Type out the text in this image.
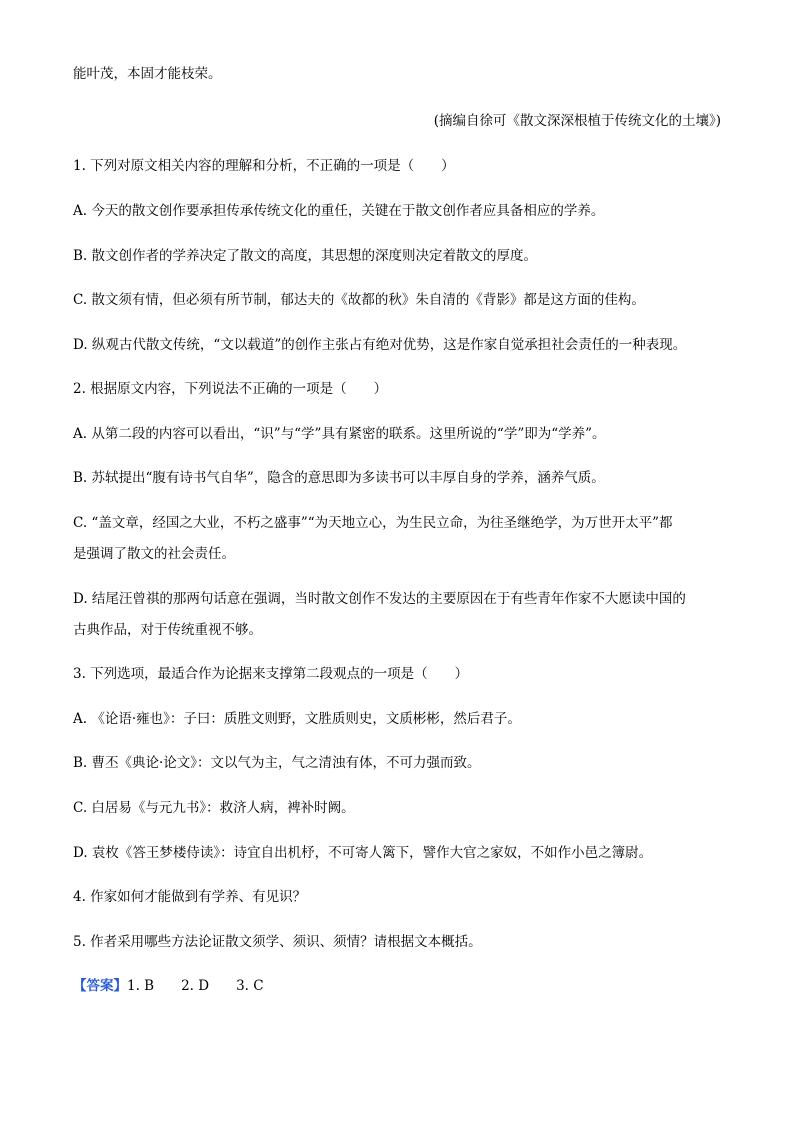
能叶茂，本固才能枝荣。
(摘编自徐可《散文深深根植于传统文化的土壤》)
1. 下列对原文相关内容的理解和分析，不正确的一项是（　　）
A. 今天的散文创作要承担传承传统文化的重任，关键在于散文创作者应具备相应的学养。
B. 散文创作者的学养决定了散文的高度，其思想的深度则决定着散文的厚度。
C. 散文须有情，但必须有所节制，郁达夫的《故都的秋》朱自清的《背影》都是这方面的佳构。
D. 纵观古代散文传统，“文以载道”的创作主张占有绝对优势，这是作家自觉承担社会责任的一种表现。
2. 根据原文内容，下列说法不正确的一项是（　　）
A. 从第二段的内容可以看出，“识”与“学”具有紧密的联系。这里所说的“学”即为“学养”。
B. 苏轼提出“腹有诗书气自华”，隐含的意思即为多读书可以丰厚自身的学养，涵养气质。
C. “盖文章，经国之大业，不朽之盛事”“为天地立心，为生民立命，为往圣继绝学，为万世开太平”都
是强调了散文的社会责任。
D. 结尾汪曾祺的那两句话意在强调，当时散文创作不发达的主要原因在于有些青年作家不大愿读中国的
古典作品，对于传统重视不够。
3. 下列选项，最适合作为论据来支撑第二段观点的一项是（　　）
A. 《论语·雍也》：子曰：质胜文则野，文胜质则史，文质彬彬，然后君子。
B. 曹丕《典论·论文》：文以气为主，气之清浊有体，不可力强而致。
C. 白居易《与元九书》：救济人病，裨补时阙。
D. 袁枚《答王梦楼侍读》：诗宜自出机杼，不可寄人篱下，譬作大官之家奴，不如作小邑之簿尉。
4. 作家如何才能做到有学养、有见识？
5. 作者采用哪些方法论证散文须学、须识、须情？请根据文本概括。
【答案】1. B　　2. D　　3. C
